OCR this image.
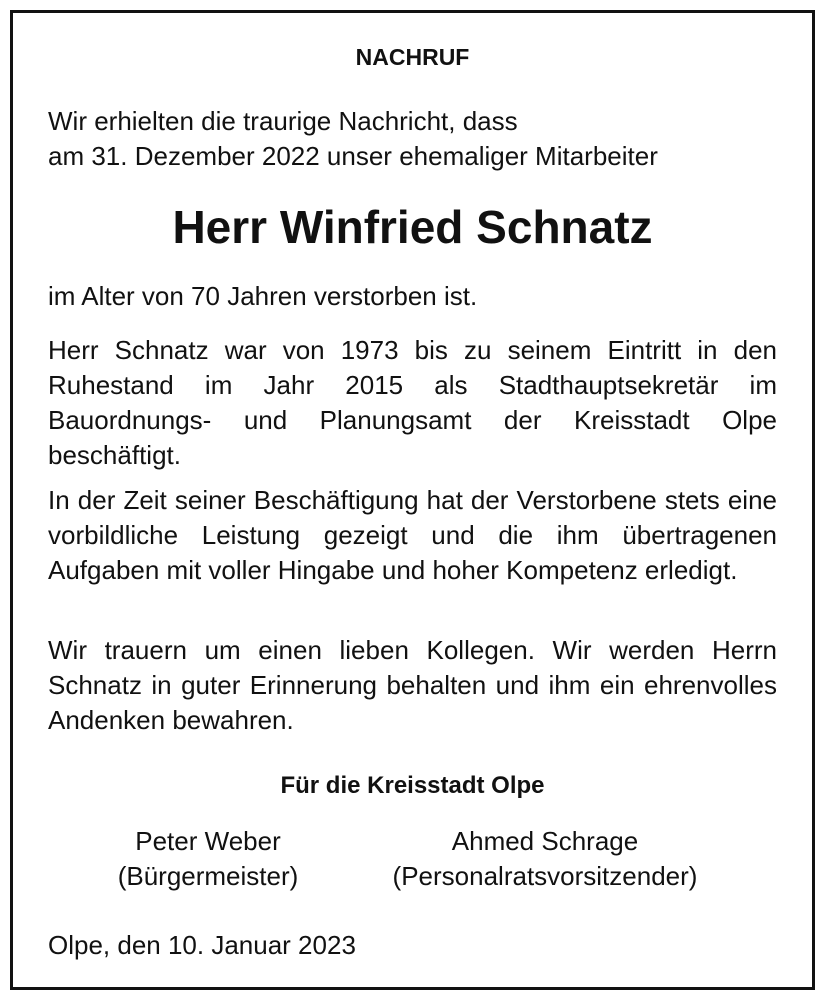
NACHRUF
Wir erhielten die traurige Nachricht, dass
am 31. Dezember 2022 unser ehemaliger Mitarbeiter
Herr Winfried Schnatz
im Alter von 70 Jahren verstorben ist.
Herr Schnatz war von 1973 bis zu seinem Eintritt in den Ruhestand im Jahr 2015 als Stadthauptsekretär im Bauordnungs- und Planungsamt der Kreisstadt Olpe beschäftigt.
In der Zeit seiner Beschäftigung hat der Verstorbene stets eine vorbildliche Leistung gezeigt und die ihm übertragenen Aufgaben mit voller Hingabe und hoher Kompetenz erledigt.
Wir trauern um einen lieben Kollegen. Wir werden Herrn Schnatz in guter Erinnerung behalten und ihm ein ehrenvolles Andenken bewahren.
Für die Kreisstadt Olpe
Peter Weber
(Bürgermeister)
Ahmed Schrage
(Personalratsvorsitzender)
Olpe, den 10. Januar 2023
